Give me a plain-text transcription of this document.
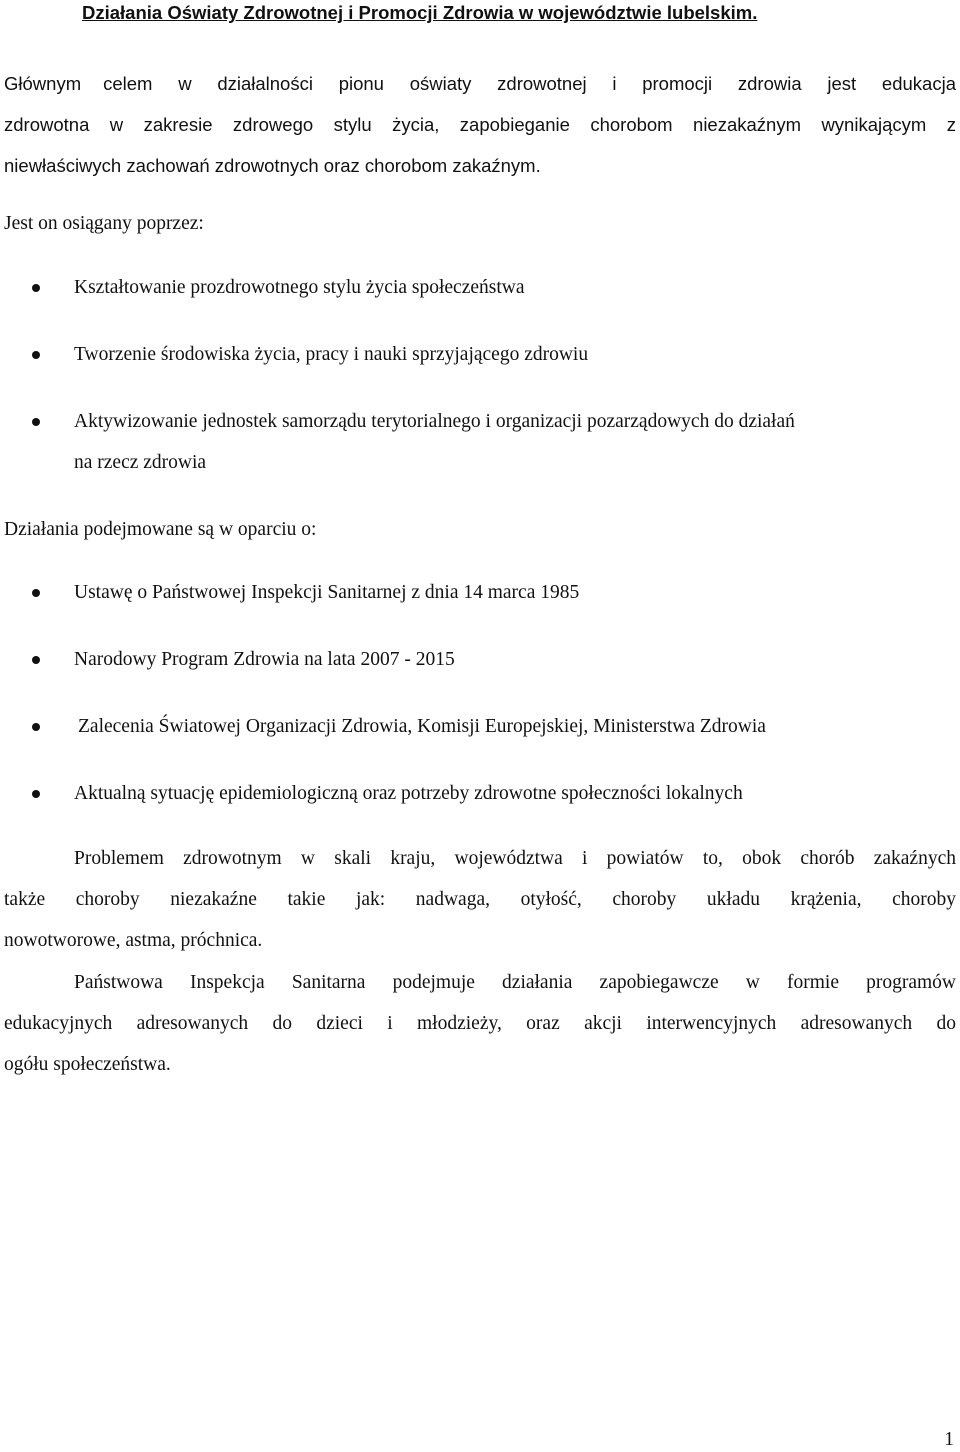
Działania Oświaty Zdrowotnej i Promocji Zdrowia w województwie lubelskim.
Głównym celem w działalności pionu oświaty zdrowotnej i promocji zdrowia jest edukacja
zdrowotna w zakresie zdrowego stylu życia, zapobieganie chorobom niezakaźnym wynikającym z
niewłaściwych zachowań zdrowotnych oraz chorobom zakaźnym.
Jest on osiągany poprzez:
Kształtowanie prozdrowotnego stylu życia społeczeństwa
Tworzenie środowiska życia, pracy i nauki sprzyjającego zdrowiu
Aktywizowanie jednostek samorządu terytorialnego i organizacji pozarządowych do działań
na rzecz zdrowia
Działania podejmowane są w oparciu o:
Ustawę o Państwowej Inspekcji Sanitarnej z dnia 14 marca 1985
Narodowy Program Zdrowia na lata 2007 - 2015
Zalecenia Światowej Organizacji Zdrowia, Komisji Europejskiej, Ministerstwa Zdrowia
Aktualną sytuację epidemiologiczną oraz potrzeby zdrowotne społeczności lokalnych
Problemem zdrowotnym w skali kraju, województwa i powiatów to, obok chorób zakaźnych
także choroby niezakaźne takie jak: nadwaga, otyłość, choroby układu krążenia, choroby
nowotworowe, astma, próchnica.
Państwowa Inspekcja Sanitarna podejmuje działania zapobiegawcze w formie programów
edukacyjnych adresowanych do dzieci i młodzieży, oraz akcji interwencyjnych adresowanych do
ogółu społeczeństwa.
1
